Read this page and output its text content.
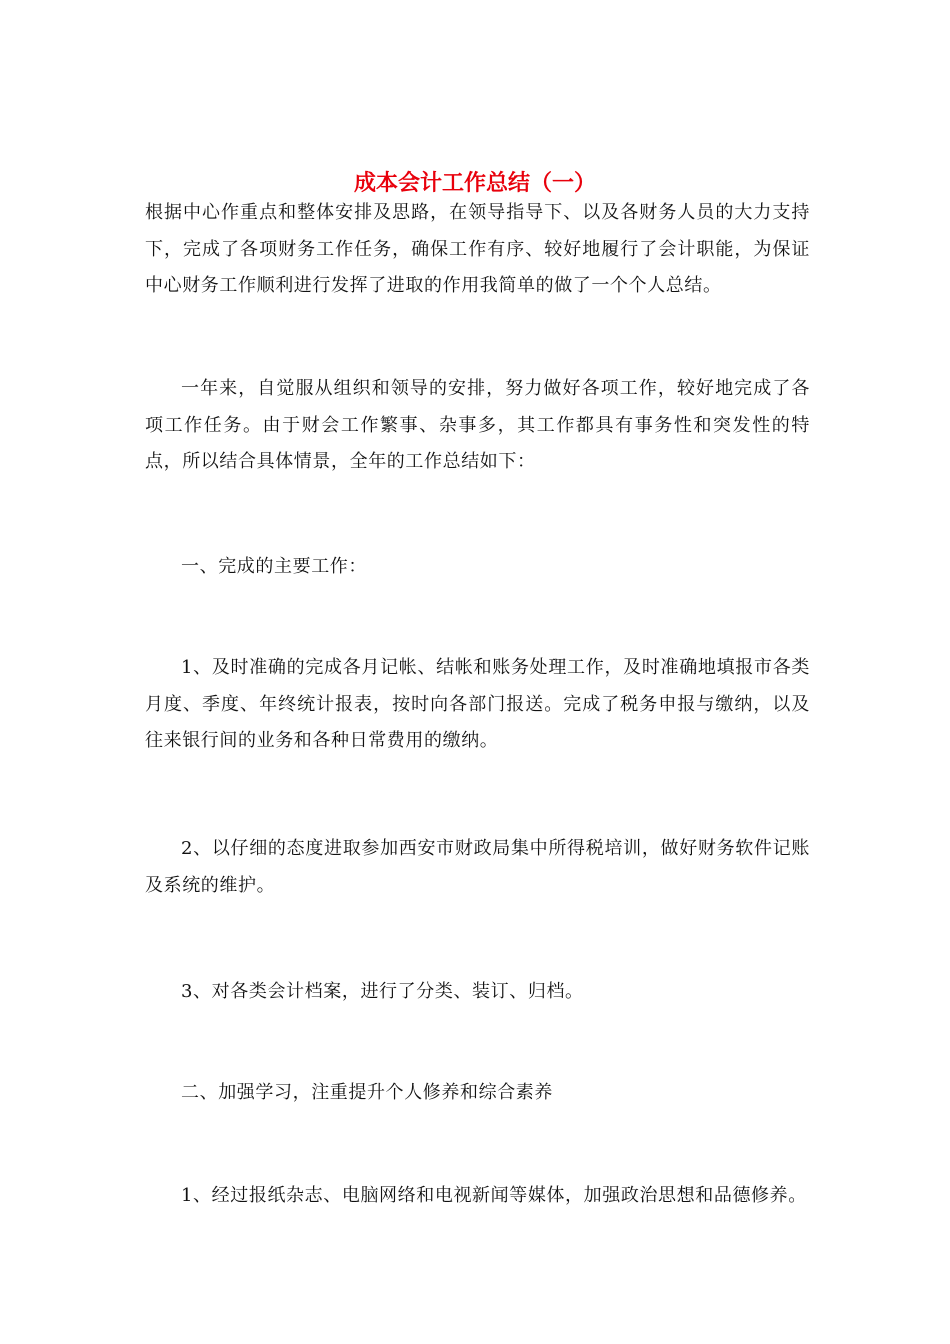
成本会计工作总结（一）

根据中心作重点和整体安排及思路，在领导指导下、以及各财务人员的大力支持下，完成了各项财务工作任务，确保工作有序、较好地履行了会计职能，为保证中心财务工作顺利进行发挥了进取的作用我简单的做了一个个人总结。

一年来，自觉服从组织和领导的安排，努力做好各项工作，较好地完成了各项工作任务。由于财会工作繁事、杂事多，其工作都具有事务性和突发性的特点，所以结合具体情景，全年的工作总结如下：

一、完成的主要工作：

1、及时准确的完成各月记帐、结帐和账务处理工作，及时准确地填报市各类月度、季度、年终统计报表，按时向各部门报送。完成了税务申报与缴纳，以及往来银行间的业务和各种日常费用的缴纳。

2、以仔细的态度进取参加西安市财政局集中所得税培训，做好财务软件记账及系统的维护。

3、对各类会计档案，进行了分类、装订、归档。

二、加强学习，注重提升个人修养和综合素养

1、经过报纸杂志、电脑网络和电视新闻等媒体，加强政治思想和品德修养。
